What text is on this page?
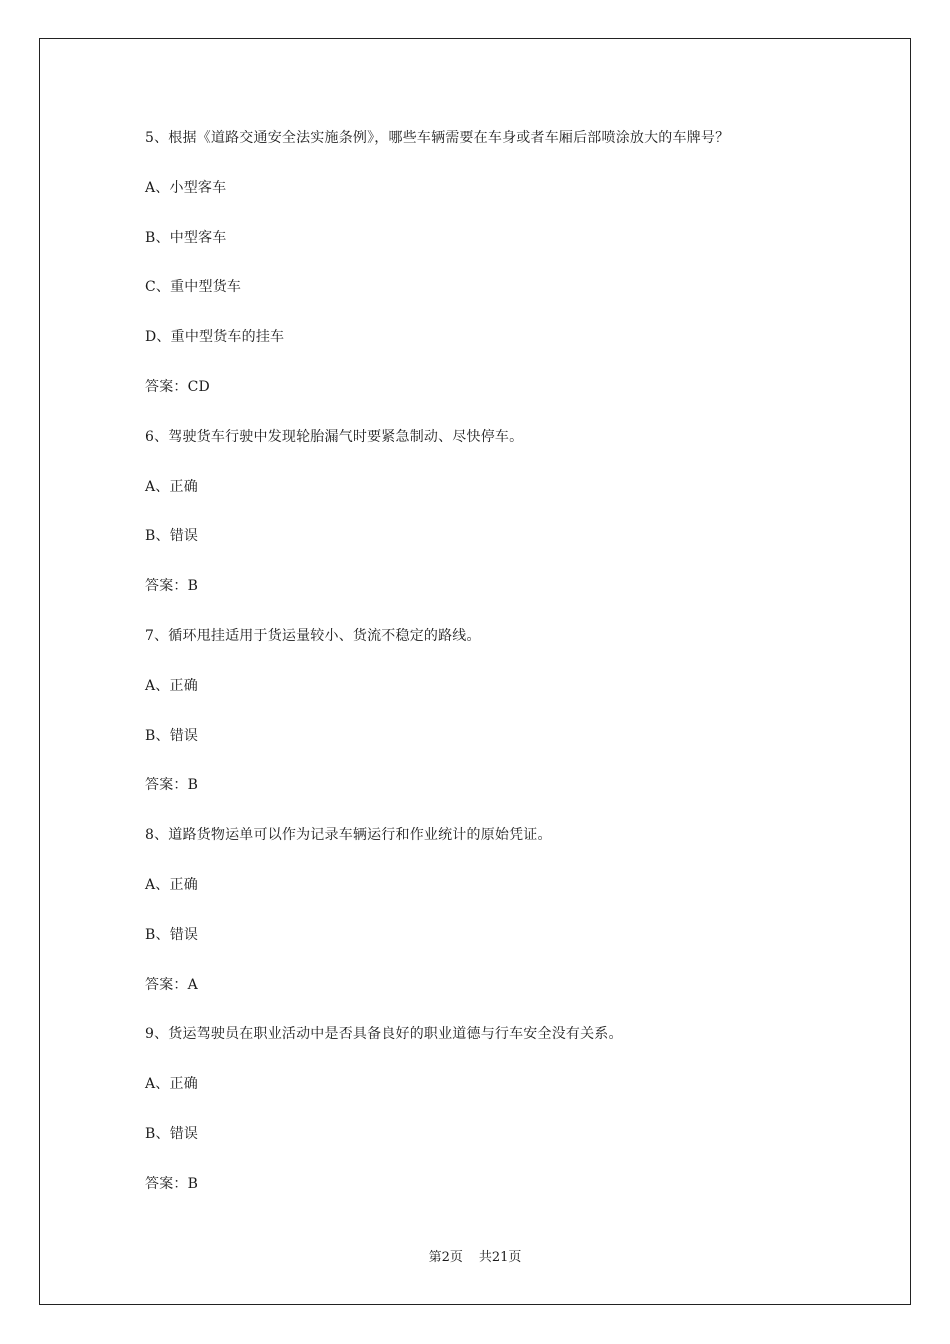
5、根据《道路交通安全法实施条例》，哪些车辆需要在车身或者车厢后部喷涂放大的车牌号？
A、小型客车
B、中型客车
C、重中型货车
D、重中型货车的挂车
答案：CD
6、驾驶货车行驶中发现轮胎漏气时要紧急制动、尽快停车。
A、正确
B、错误
答案：B
7、循环甩挂适用于货运量较小、货流不稳定的路线。
A、正确
B、错误
答案：B
8、道路货物运单可以作为记录车辆运行和作业统计的原始凭证。
A、正确
B、错误
答案：A
9、货运驾驶员在职业活动中是否具备良好的职业道德与行车安全没有关系。
A、正确
B、错误
答案：B
第2页 共21页
